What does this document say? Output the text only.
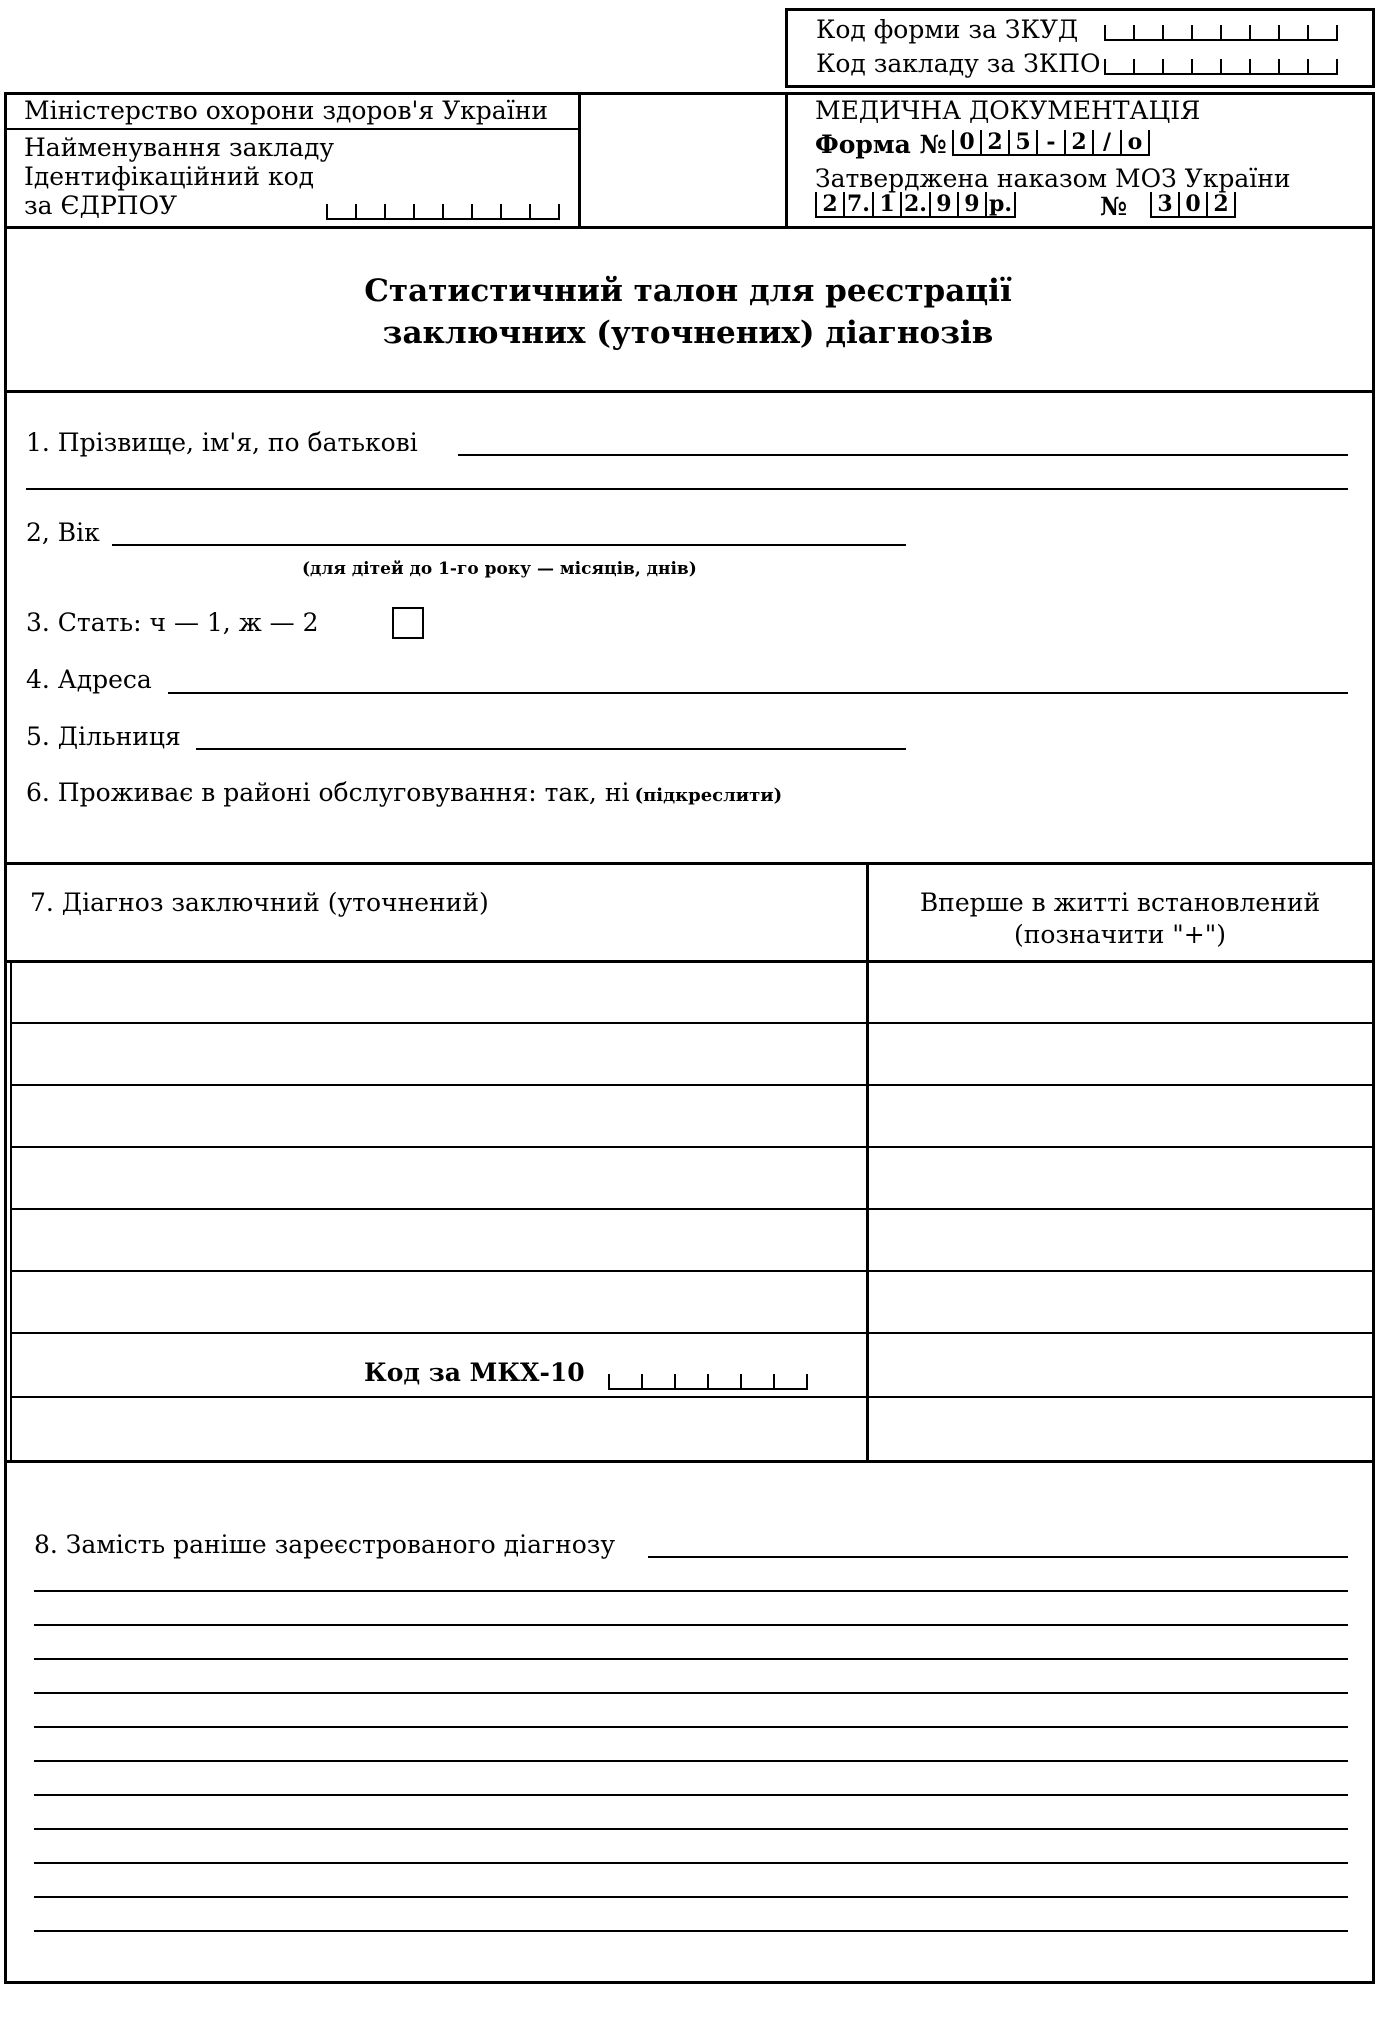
Код форми за ЗКУД
Код закладу за ЗКПО
Міністерство охорони здоров'я України
Найменування закладу
Ідентифікаційний код
за ЄДРПОУ
МЕДИЧНА ДОКУМЕНТАЦІЯ
Форма № 0 2 5 - 2 / о
Затверджена наказом МОЗ України
2 7. 1 2. 9 9 р.	№	3 0 2
Статистичний талон для реєстрації
заключних (уточнених) діагнозів
1. Прізвище, ім'я, по батькові
2, Вік
(для дітей до 1-го року — місяців, днів)
3. Стать: ч — 1, ж — 2
4. Адреса
5. Дільниця
6. Проживає в районі обслуговування: так, ні (підкреслити)
7. Діагноз заключний (уточнений)	Вперше в житті встановлений
(позначити "+")
Код за МКХ-10
8. Замість раніше зареєстрованого діагнозу
